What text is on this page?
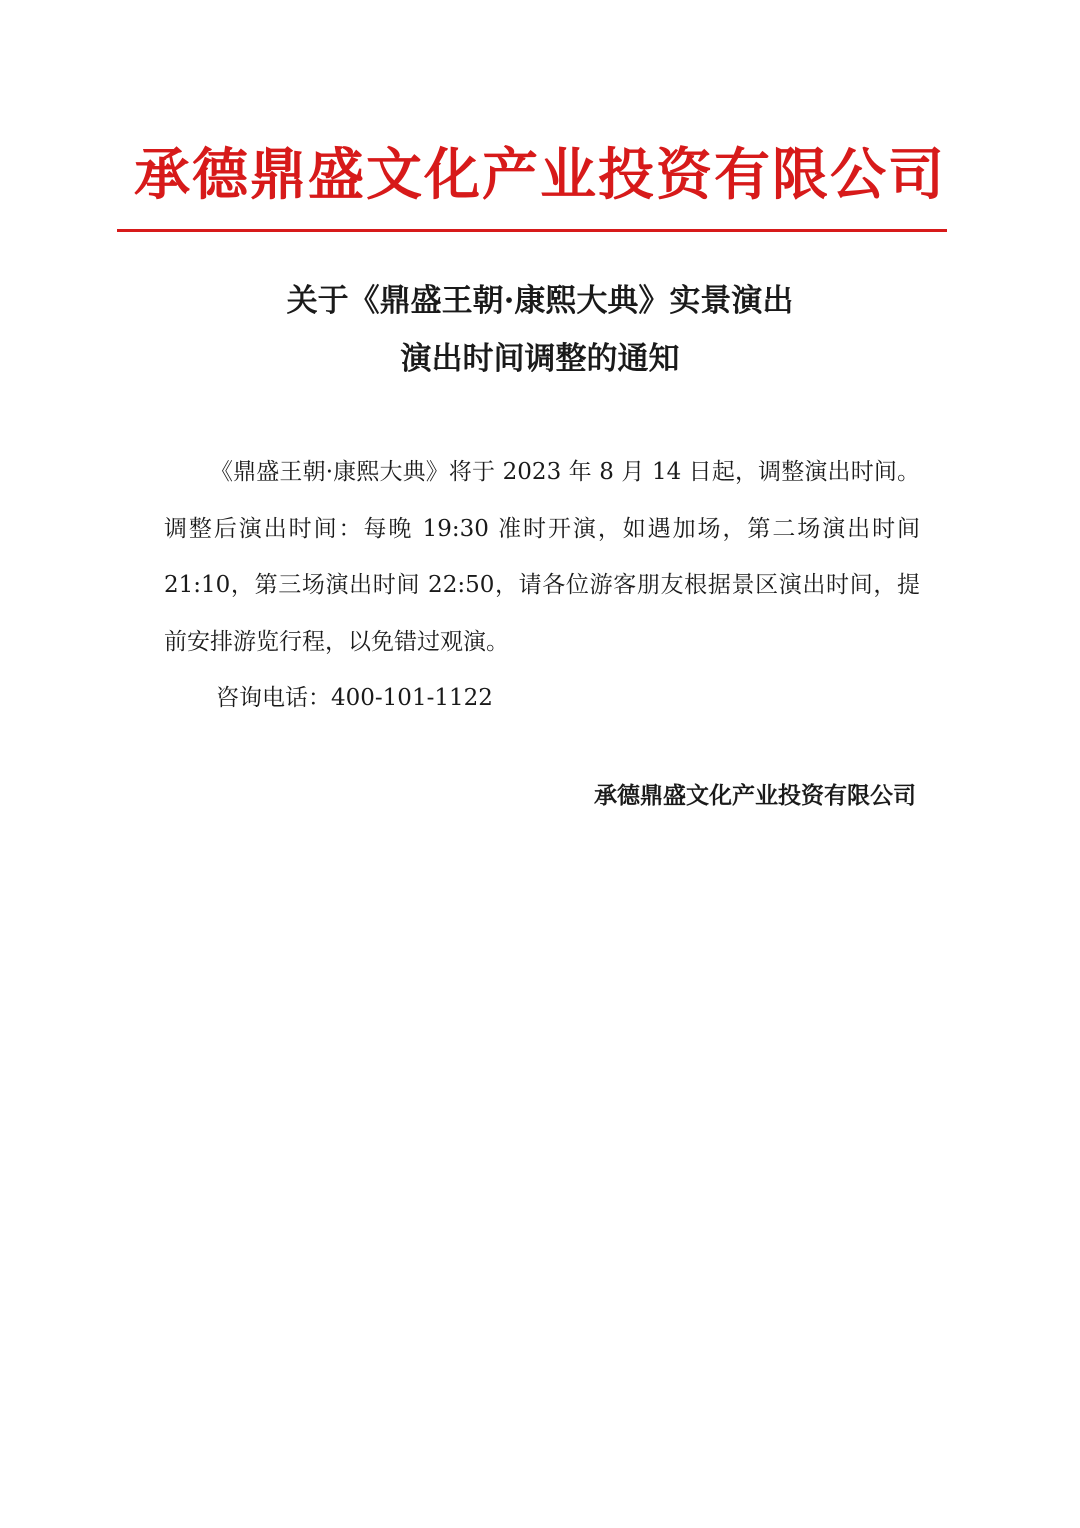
承德鼎盛文化产业投资有限公司
关于《鼎盛王朝·康熙大典》实景演出
演出时间调整的通知

《鼎盛王朝·康熙大典》将于 2023 年 8 月 14 日起，调整演出时间。调整后演出时间：每晚 19:30 准时开演，如遇加场，第二场演出时间 21:10，第三场演出时间 22:50，请各位游客朋友根据景区演出时间，提前安排游览行程，以免错过观演。

咨询电话：400-101-1122
承德鼎盛文化产业投资有限公司
